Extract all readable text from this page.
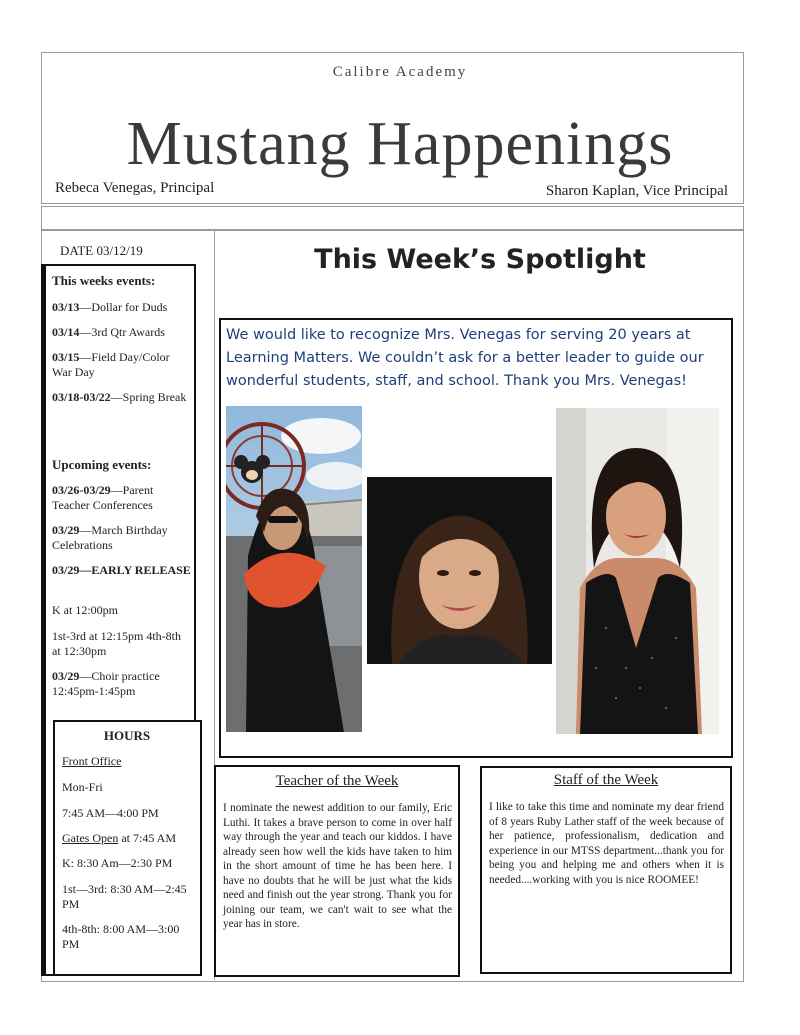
Calibre Academy
Mustang Happenings
Rebeca Venegas, Principal	Sharon Kaplan, Vice Principal
DATE 03/12/19
This weeks events:
03/13—Dollar for Duds
03/14—3rd Qtr Awards
03/15—Field Day/Color War Day
03/18-03/22—Spring Break
Upcoming events:
03/26-03/29—Parent Teacher Conferences
03/29—March Birthday Celebrations
03/29—EARLY RELEASE
K at 12:00pm
1st-3rd at 12:15pm 4th-8th at 12:30pm
03/29—Choir practice 12:45pm-1:45pm
HOURS
Front Office
Mon-Fri
7:45 AM—4:00 PM
Gates Open at 7:45 AM
K: 8:30 Am—2:30 PM
1st—3rd: 8:30 AM—2:45 PM
4th-8th: 8:00 AM—3:00 PM
This Week’s Spotlight
We would like to recognize Mrs. Venegas for serving 20 years at Learning Matters. We couldn’t ask for a better leader to guide our wonderful students, staff, and school. Thank you Mrs. Venegas!
Teacher of the Week
I nominate the newest addition to our family, Eric Luthi. It takes a brave person to come in over half way through the year and teach our kiddos. I have already seen how well the kids have taken to him in the short amount of time he has been here. I have no doubts that he will be just what the kids need and finish out the year strong. Thank you for joining our team, we can't wait to see what the year has in store.
Staff of the Week
I like to take this time and nominate my dear friend of 8 years Ruby Lather staff of the week because of her patience, professionalism, dedication and experience in our MTSS department...thank you for being you and helping me and others when it is needed....working with you is nice ROOMEE!
